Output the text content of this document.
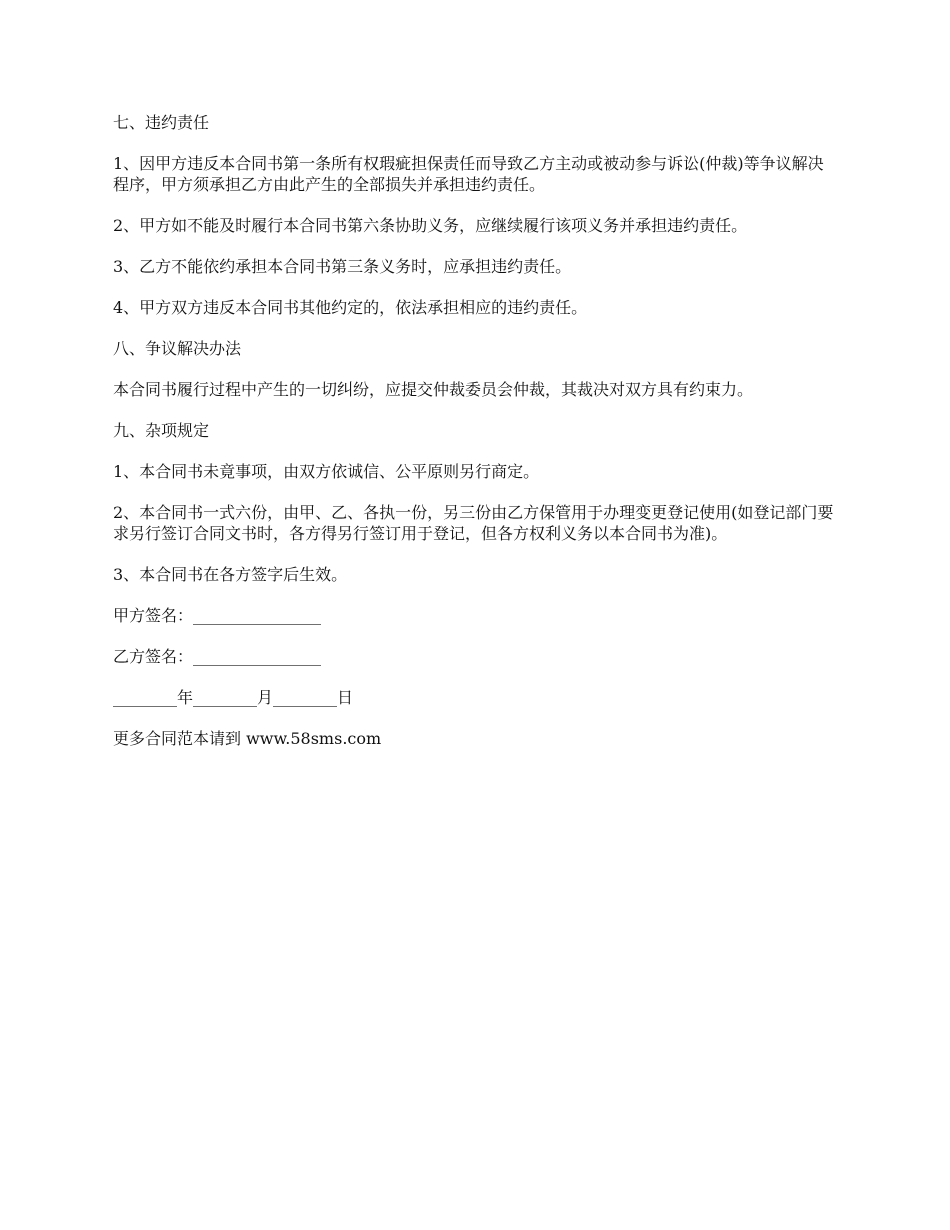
七、违约责任

1、因甲方违反本合同书第一条所有权瑕疵担保责任而导致乙方主动或被动参与诉讼(仲裁)等争议解决程序，甲方须承担乙方由此产生的全部损失并承担违约责任。

2、甲方如不能及时履行本合同书第六条协助义务，应继续履行该项义务并承担违约责任。

3、乙方不能依约承担本合同书第三条义务时，应承担违约责任。

4、甲方双方违反本合同书其他约定的，依法承担相应的违约责任。

八、争议解决办法

本合同书履行过程中产生的一切纠纷，应提交仲裁委员会仲裁，其裁决对双方具有约束力。

九、杂项规定

1、本合同书未竟事项，由双方依诚信、公平原则另行商定。

2、本合同书一式六份，由甲、乙、各执一份，另三份由乙方保管用于办理变更登记使用(如登记部门要求另行签订合同文书时，各方得另行签订用于登记，但各方权利义务以本合同书为准)。

3、本合同书在各方签字后生效。

甲方签名：________________

乙方签名：________________

________年________月________日

更多合同范本请到 www.58sms.com
